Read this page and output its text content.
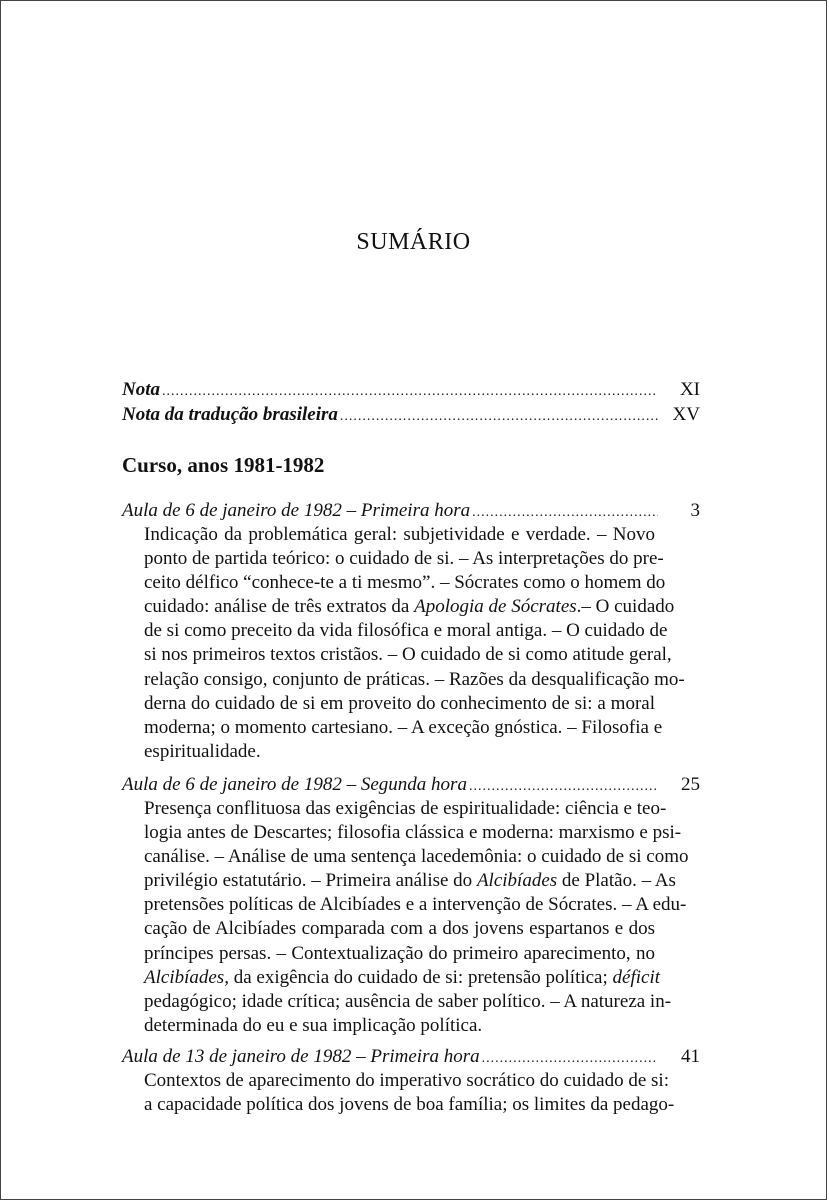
SUMÁRIO
Nota .....	XI
Nota da tradução brasileira .....	XV
Curso, anos 1981-1982
Aula de 6 de janeiro de 1982 – Primeira hora .....	3
Indicação da problemática geral: subjetividade e verdade. – Novo
ponto de partida teórico: o cuidado de si. – As interpretações do pre-
ceito délfico “conhece-te a ti mesmo”. – Sócrates como o homem do
cuidado: análise de três extratos da Apologia de Sócrates.– O cuidado
de si como preceito da vida filosófica e moral antiga. – O cuidado de
si nos primeiros textos cristãos. – O cuidado de si como atitude geral,
relação consigo, conjunto de práticas. – Razões da desqualificação mo-
derna do cuidado de si em proveito do conhecimento de si: a moral
moderna; o momento cartesiano. – A exceção gnóstica. – Filosofia e
espiritualidade.
Aula de 6 de janeiro de 1982 – Segunda hora .....	25
Presença conflituosa das exigências de espiritualidade: ciência e teo-
logia antes de Descartes; filosofia clássica e moderna: marxismo e psi-
canálise. – Análise de uma sentença lacedemônia: o cuidado de si como
privilégio estatutário. – Primeira análise do Alcibíades de Platão. – As
pretensões políticas de Alcibíades e a intervenção de Sócrates. – A edu-
cação de Alcibíades comparada com a dos jovens espartanos e dos
príncipes persas. – Contextualização do primeiro aparecimento, no
Alcibíades, da exigência do cuidado de si: pretensão política; déficit
pedagógico; idade crítica; ausência de saber político. – A natureza in-
determinada do eu e sua implicação política.
Aula de 13 de janeiro de 1982 – Primeira hora .....	41
Contextos de aparecimento do imperativo socrático do cuidado de si:
a capacidade política dos jovens de boa família; os limites da pedago-
